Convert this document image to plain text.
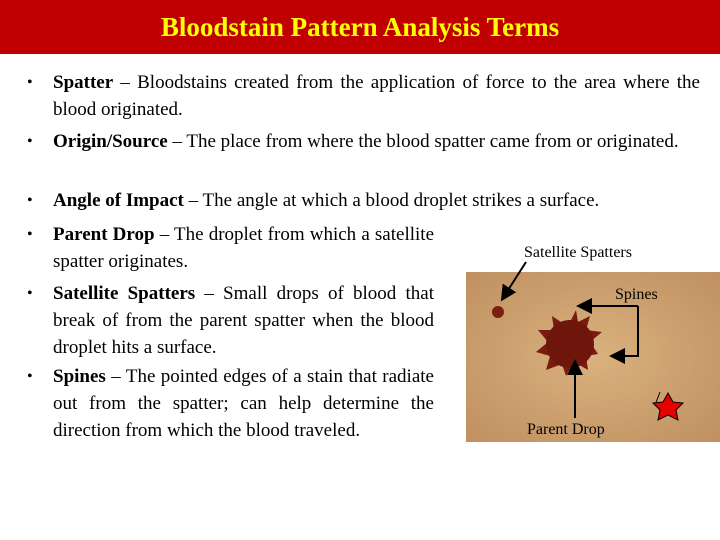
Bloodstain Pattern Analysis Terms
• Spatter – Bloodstains created from the application of force to the area where the blood originated.
• Origin/Source – The place from where the blood spatter came from or originated.
• Angle of Impact – The angle at which a blood droplet strikes a surface.
• Parent Drop – The droplet from which a satellite spatter originates.
• Satellite Spatters – Small drops of blood that break of from the parent spatter when the blood droplet hits a surface.
• Spines – The pointed edges of a stain that radiate out from the spatter; can help determine the direction from which the blood traveled.
Satellite Spatters
Spines
Parent Drop
